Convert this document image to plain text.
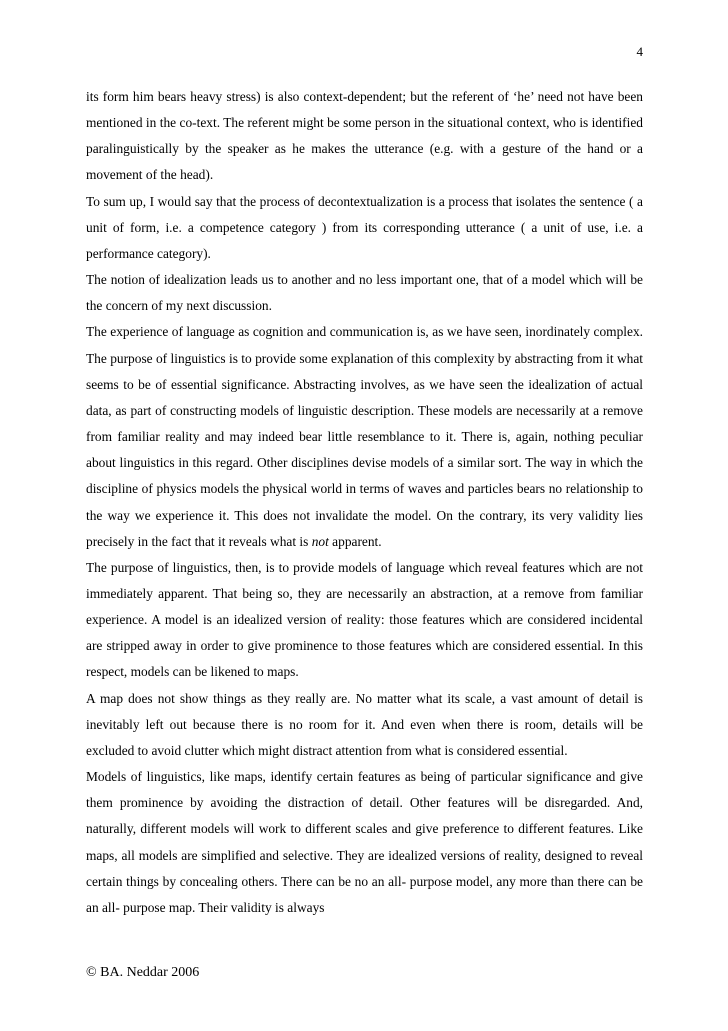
4

its form him bears heavy stress) is also context-dependent; but the referent of ‘he’ need not have been mentioned in the co-text. The referent might be some person in the situational context, who is identified paralinguistically by the speaker as he makes the utterance (e.g. with a gesture of the hand or a movement of the head).

To sum up, I would say that the process of decontextualization is a process that isolates the sentence ( a unit of form, i.e. a competence category ) from its corresponding utterance ( a unit of use, i.e. a performance category).

The notion of idealization leads us to another and no less important one, that of a model which will be the concern of my next discussion.

The experience of language as cognition and communication is, as we have seen, inordinately complex. The purpose of linguistics is to provide some explanation of this complexity by abstracting from it what seems to be of essential significance. Abstracting involves, as we have seen the idealization of actual data, as part of constructing models of linguistic description. These models are necessarily at a remove from familiar reality and may indeed bear little resemblance to it. There is, again, nothing peculiar about linguistics in this regard. Other disciplines devise models of a similar sort. The way in which the discipline of physics models the physical world in terms of waves and particles bears no relationship to the way we experience it. This does not invalidate the model. On the contrary, its very validity lies precisely in the fact that it reveals what is not apparent.

The purpose of linguistics, then, is to provide models of language which reveal features which are not immediately apparent. That being so, they are necessarily an abstraction, at a remove from familiar experience. A model is an idealized version of reality: those features which are considered incidental are stripped away in order to give prominence to those features which are considered essential. In this respect, models can be likened to maps.

A map does not show things as they really are. No matter what its scale, a vast amount of detail is inevitably left out because there is no room for it. And even when there is room, details will be excluded to avoid clutter which might distract attention from what is considered essential.

Models of linguistics, like maps, identify certain features as being of particular significance and give them prominence by avoiding the distraction of detail. Other features will be disregarded. And, naturally, different models will work to different scales and give preference to different features. Like maps, all models are simplified and selective. They are idealized versions of reality, designed to reveal certain things by concealing others. There can be no an all- purpose model, any more than there can be an all- purpose map. Their validity is always

© BA. Neddar 2006
